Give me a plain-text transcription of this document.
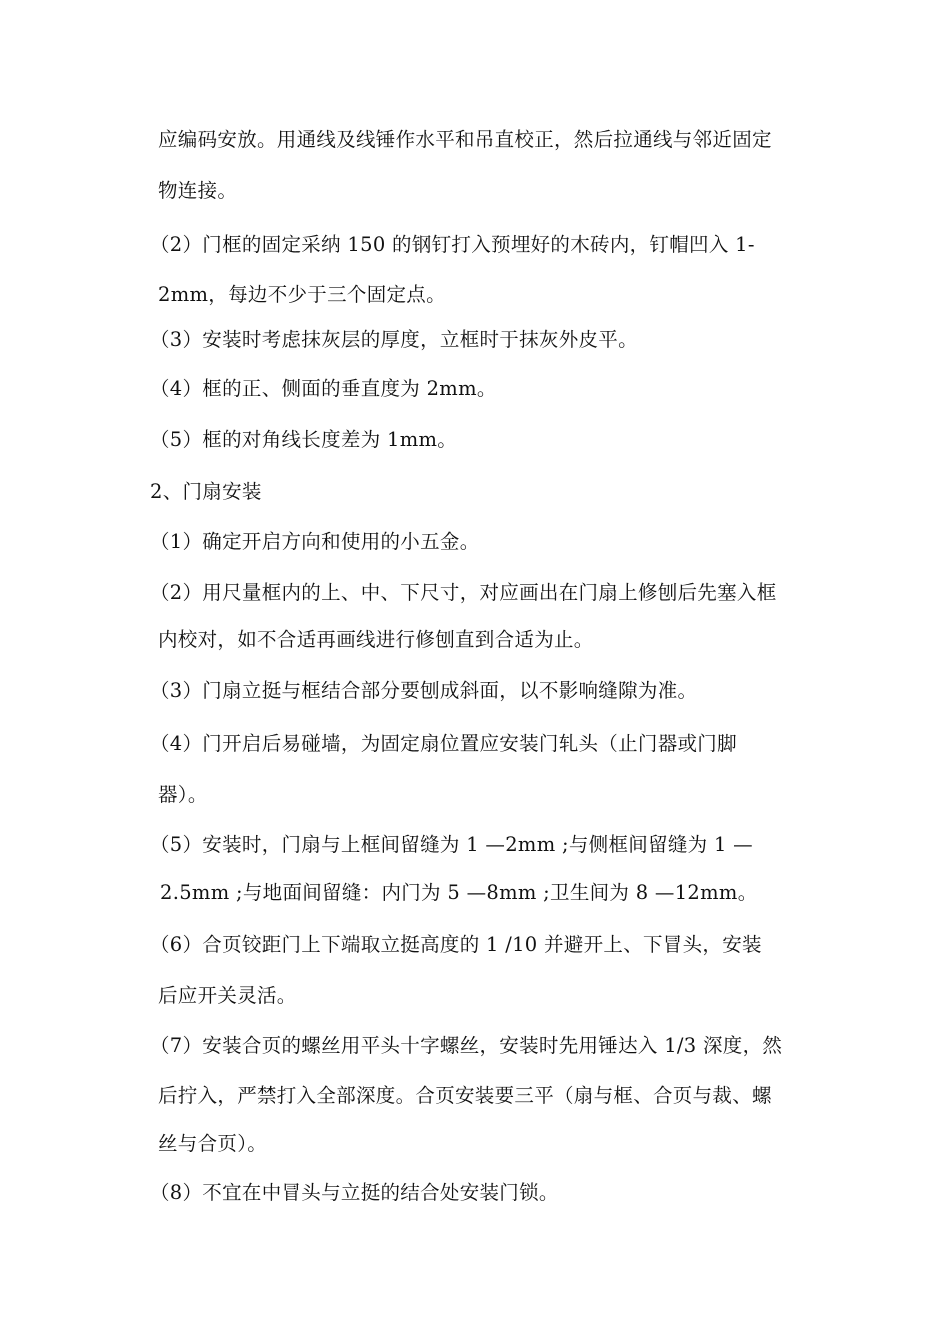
应编码安放。用通线及线锤作水平和吊直校正，然后拉通线与邻近固定
物连接。
（2）门框的固定采纳 150 的钢钉打入预埋好的木砖内，钉帽凹入 1-
2mm，每边不少于三个固定点。
（3）安装时考虑抹灰层的厚度，立框时于抹灰外皮平。
（4）框的正、侧面的垂直度为 2mm。
（5）框的对角线长度差为 1mm。
2、门扇安装
（1）确定开启方向和使用的小五金。
（2）用尺量框内的上、中、下尺寸，对应画出在门扇上修刨后先塞入框
内校对，如不合适再画线进行修刨直到合适为止。
（3）门扇立挺与框结合部分要刨成斜面，以不影响缝隙为准。
（4）门开启后易碰墙，为固定扇位置应安装门轧头（止门器或门脚
器）。
（5）安装时，门扇与上框间留缝为 1 —2mm ;与侧框间留缝为 1 —
2.5mm ;与地面间留缝：内门为 5 —8mm ;卫生间为 8 —12mm。
（6）合页铰距门上下端取立挺高度的 1 /10 并避开上、下冒头，安装
后应开关灵活。
（7）安装合页的螺丝用平头十字螺丝，安装时先用锤达入 1/3 深度，然
后拧入，严禁打入全部深度。合页安装要三平（扇与框、合页与裁、螺
丝与合页）。
（8）不宜在中冒头与立挺的结合处安装门锁。
